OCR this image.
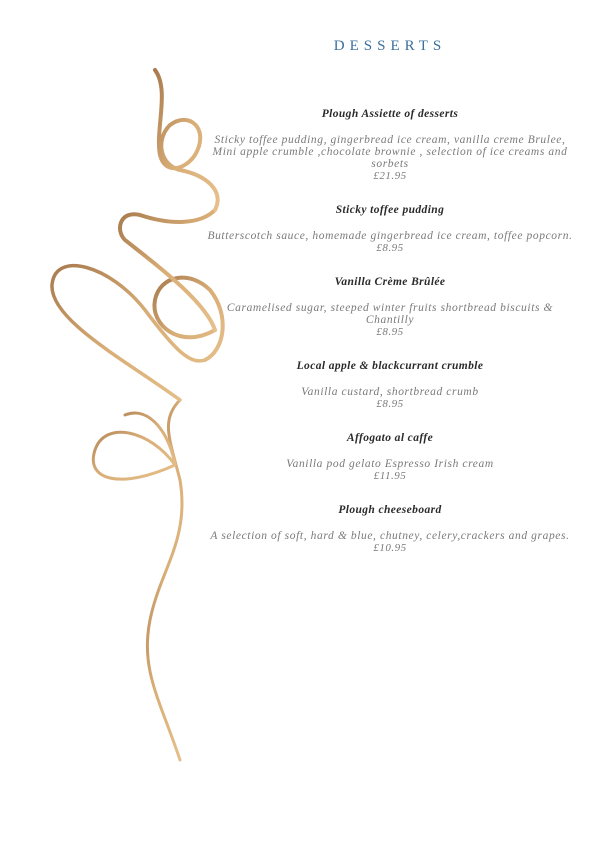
DESSERTS
Plough Assiette of desserts

Sticky toffee pudding, gingerbread ice cream, vanilla creme Brulee, Mini apple crumble ,chocolate brownie , selection of ice creams and sorbets

£21.95

Sticky toffee pudding

Butterscotch sauce, homemade gingerbread ice cream, toffee popcorn.

£8.95

Vanilla Crème Brûlée

Caramelised sugar, steeped winter fruits shortbread biscuits & Chantilly

£8.95

Local apple & blackcurrant crumble

Vanilla custard, shortbread crumb

£8.95

Affogato al caffe

Vanilla pod gelato Espresso Irish cream

£11.95

Plough cheeseboard

A selection of soft, hard & blue, chutney, celery,crackers and grapes.

£10.95
